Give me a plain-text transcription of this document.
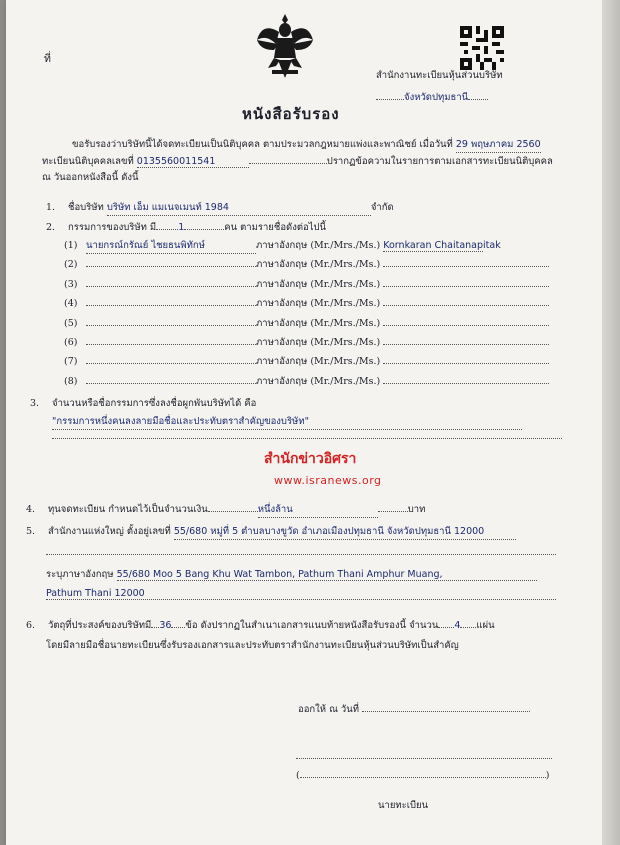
ที่
สำนักงานทะเบียนหุ้นส่วนบริษัท
จังหวัดปทุมธานี
หนังสือรับรอง
ขอรับรองว่าบริษัทนี้ได้จดทะเบียนเป็นนิติบุคคล ตามประมวลกฎหมายแพ่งและพาณิชย์ เมื่อวันที่ 29 พฤษภาคม 2560
ทะเบียนนิติบุคคลเลขที่ 0135560011541	ปรากฏข้อความในรายการตามเอกสารทะเบียนนิติบุคคล
ณ วันออกหนังสือนี้ ดังนี้
1. ชื่อบริษัท บริษัท เอ็ม แมเนจเมนท์ 1984	จำกัด
2. กรรมการของบริษัท มี 1	คน ตามรายชื่อดังต่อไปนี้
(1) นายกรณ์กรัณย์ ไชยธนพิทักษ์	ภาษาอังกฤษ (Mr./Mrs./Ms.) Kornkaran Chaitanapitak
(2)	ภาษาอังกฤษ (Mr./Mrs./Ms.)
(3)	ภาษาอังกฤษ (Mr./Mrs./Ms.)
(4)	ภาษาอังกฤษ (Mr./Mrs./Ms.)
(5)	ภาษาอังกฤษ (Mr./Mrs./Ms.)
(6)	ภาษาอังกฤษ (Mr./Mrs./Ms.)
(7)	ภาษาอังกฤษ (Mr./Mrs./Ms.)
(8)	ภาษาอังกฤษ (Mr./Mrs./Ms.)
3. จำนวนหรือชื่อกรรมการซึ่งลงชื่อผูกพันบริษัทได้ คือ
"กรรมการหนึ่งคนลงลายมือชื่อและประทับตราสำคัญของบริษัท"
สำนักข่าวอิศรา
www.isranews.org
4. ทุนจดทะเบียน กำหนดไว้เป็นจำนวนเงิน	หนึ่งล้าน	บาท
5. สำนักงานแห่งใหญ่ ตั้งอยู่เลขที่ 55/680 หมู่ที่ 5 ตำบลบางขูวัด อำเภอเมืองปทุมธานี จังหวัดปทุมธานี 12000
ระบุภาษาอังกฤษ 55/680 Moo 5 Bang Khu Wat Tambon, Pathum Thani Amphur Muang,
Pathum Thani 12000
6. วัตถุที่ประสงค์ของบริษัทมี 36 ข้อ ดังปรากฏในสำเนาเอกสารแนบท้ายหนังสือรับรองนี้ จำนวน 4 แผ่น
โดยมีลายมือชื่อนายทะเบียนซึ่งรับรองเอกสารและประทับตราสำนักงานทะเบียนหุ้นส่วนบริษัทเป็นสำคัญ
ออกให้ ณ วันที่
(	)
นายทะเบียน
